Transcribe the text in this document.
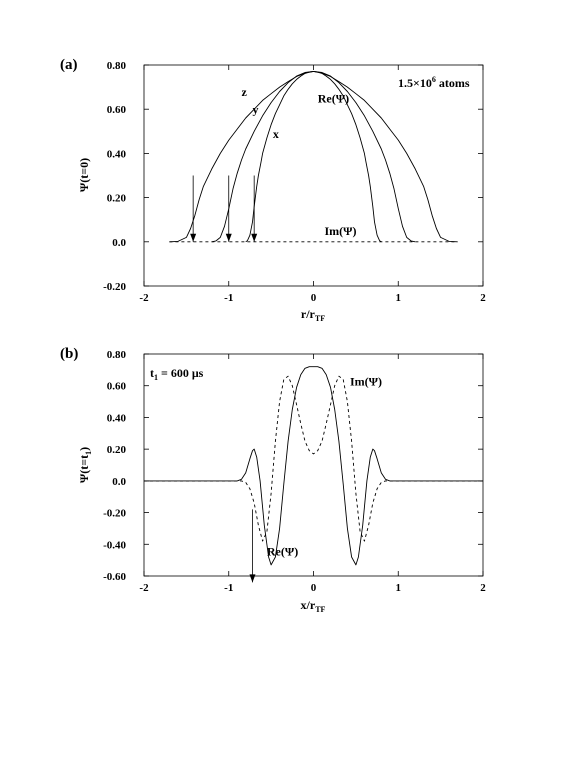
(a)
-0.20
0.0
0.20
0.40
0.60
0.80
-2	-1	0	1	2
z
y
x
Re(Ψ)
Im(Ψ)
Ψ(t=0)
$r/r_{TF}$
$1.5\times 10^6$ atoms
(b)
-0.60
-0.40
-0.20
0.0
0.20
0.40
0.60
0.80
-2	-1	0	1	2
Im(Ψ)
Re(Ψ)
$\Psi(t=t_1)$
$x/r_{TF}$
$t_1 = 600$ μs
